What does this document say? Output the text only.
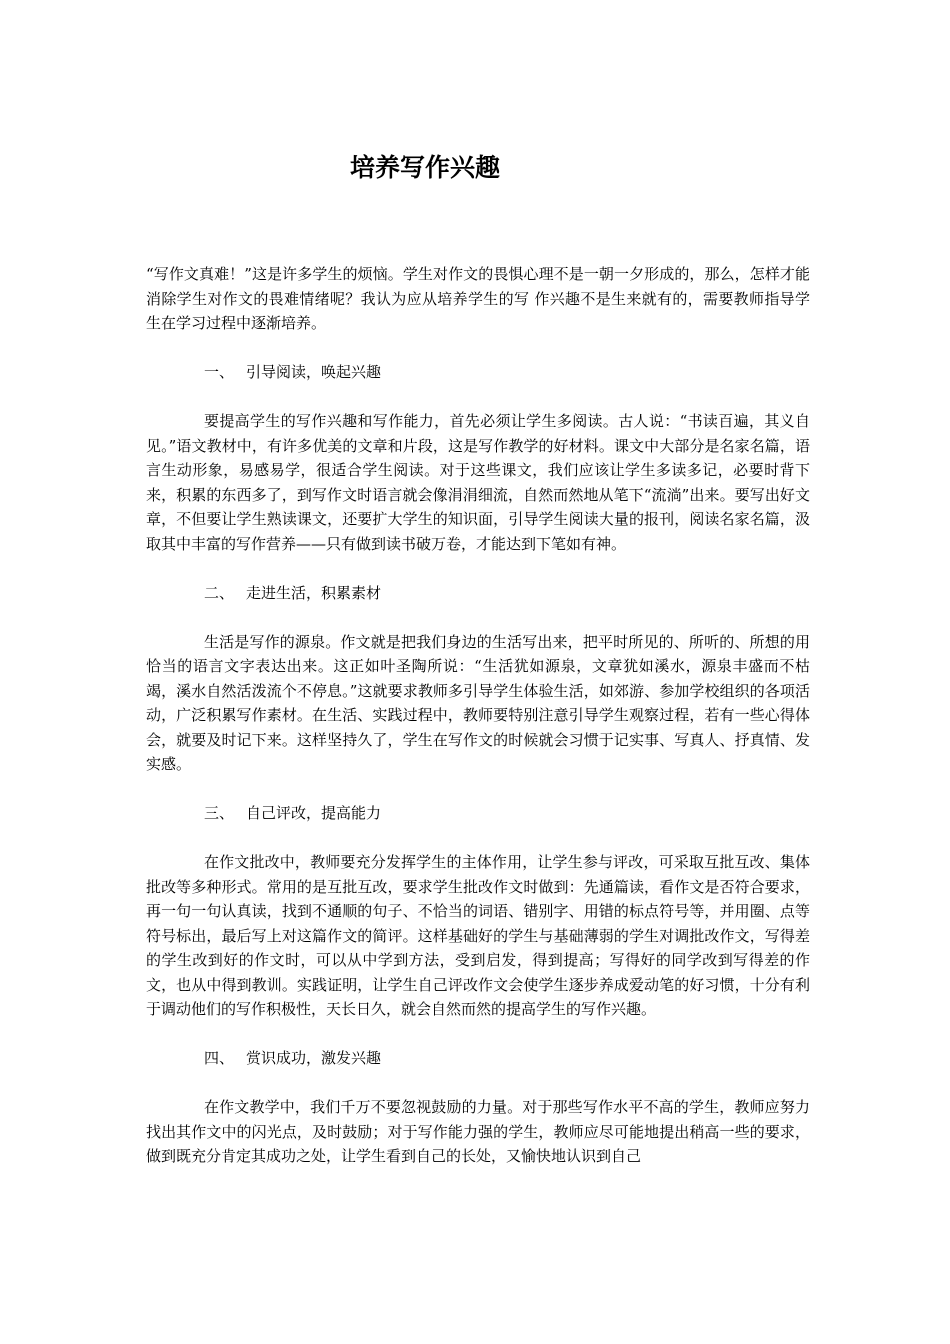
培养写作兴趣

“写作文真难！”这是许多学生的烦恼。学生对作文的畏惧心理不是一朝一夕形成的，那么，怎样才能消除学生对作文的畏难情绪呢？我认为应从培养学生的写 作兴趣不是生来就有的，需要教师指导学生在学习过程中逐渐培养。

一、 引导阅读，唤起兴趣

要提高学生的写作兴趣和写作能力，首先必须让学生多阅读。古人说：“书读百遍，其义自见。”语文教材中，有许多优美的文章和片段，这是写作教学的好材料。课文中大部分是名家名篇，语言生动形象，易感易学，很适合学生阅读。对于这些课文，我们应该让学生多读多记，必要时背下来，积累的东西多了，到写作文时语言就会像涓涓细流，自然而然地从笔下“流淌”出来。要写出好文章，不但要让学生熟读课文，还要扩大学生的知识面，引导学生阅读大量的报刊，阅读名家名篇，汲取其中丰富的写作营养——只有做到读书破万卷，才能达到下笔如有神。

二、 走进生活，积累素材

生活是写作的源泉。作文就是把我们身边的生活写出来，把平时所见的、所听的、所想的用恰当的语言文字表达出来。这正如叶圣陶所说：“生活犹如源泉，文章犹如溪水，源泉丰盛而不枯竭，溪水自然活泼流个不停息。”这就要求教师多引导学生体验生活，如郊游、参加学校组织的各项活动，广泛积累写作素材。在生活、实践过程中，教师要特别注意引导学生观察过程，若有一些心得体会，就要及时记下来。这样坚持久了，学生在写作文的时候就会习惯于记实事、写真人、抒真情、发实感。

三、 自己评改，提高能力

在作文批改中，教师要充分发挥学生的主体作用，让学生参与评改，可采取互批互改、集体批改等多种形式。常用的是互批互改，要求学生批改作文时做到：先通篇读，看作文是否符合要求，再一句一句认真读，找到不通顺的句子、不恰当的词语、错别字、用错的标点符号等，并用圈、点等符号标出，最后写上对这篇作文的简评。这样基础好的学生与基础薄弱的学生对调批改作文，写得差的学生改到好的作文时，可以从中学到方法，受到启发，得到提高；写得好的同学改到写得差的作文，也从中得到教训。实践证明，让学生自己评改作文会使学生逐步养成爱动笔的好习惯，十分有利于调动他们的写作积极性，天长日久，就会自然而然的提高学生的写作兴趣。

四、 赏识成功，激发兴趣

在作文教学中，我们千万不要忽视鼓励的力量。对于那些写作水平不高的学生，教师应努力找出其作文中的闪光点，及时鼓励；对于写作能力强的学生，教师应尽可能地提出稍高一些的要求，做到既充分肯定其成功之处，让学生看到自己的长处，又愉快地认识到自己
